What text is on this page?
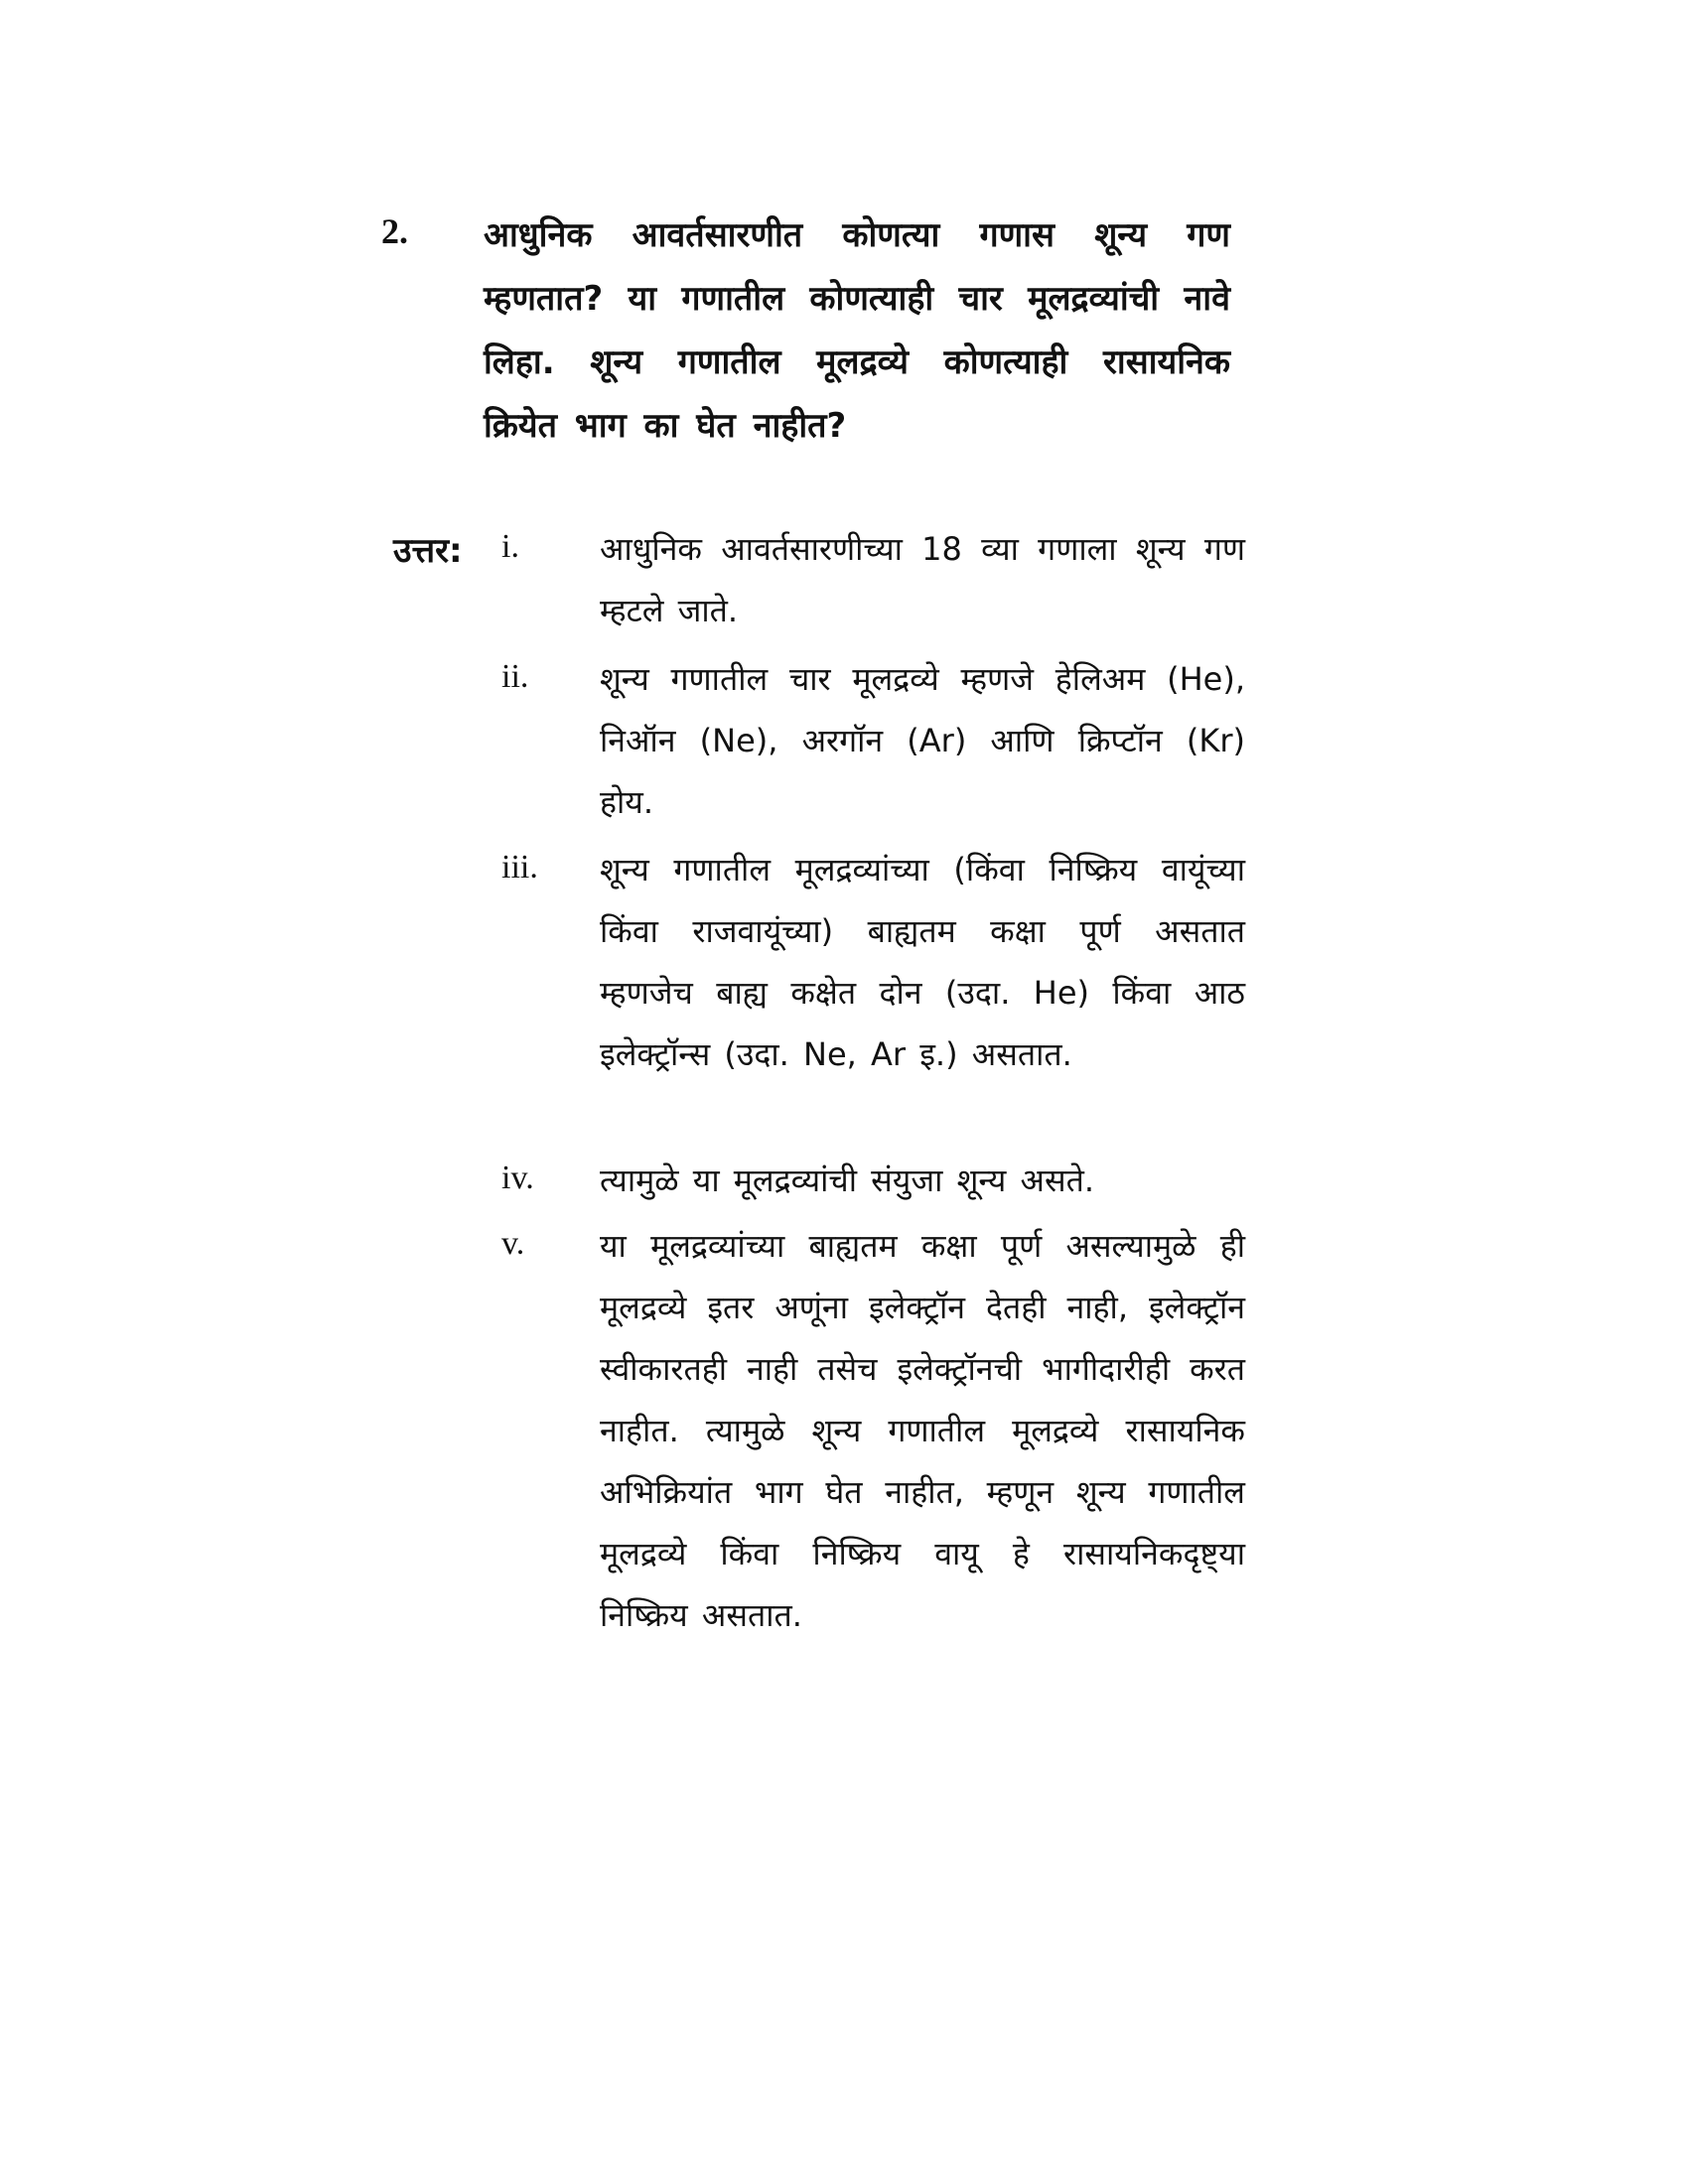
2. आधुनिक आवर्तसारणीत कोणत्या गणास शून्य गण म्हणतात? या गणातील कोणत्याही चार मूलद्रव्यांची नावे लिहा. शून्य गणातील मूलद्रव्ये कोणत्याही रासायनिक क्रियेत भाग का घेत नाहीत?
उत्तर: i.	आधुनिक आवर्तसारणीच्या 18 व्या गणाला शून्य गण म्हटले जाते.
ii. शून्य गणातील चार मूलद्रव्ये म्हणजे हेलिअम (He), निऑन (Ne), अरगॉन (Ar) आणि क्रिप्टॉन (Kr) होय.
iii. शून्य गणातील मूलद्रव्यांच्या (किंवा निष्क्रिय वायूंच्या किंवा राजवायूंच्या) बाह्यतम कक्षा पूर्ण असतात म्हणजेच बाह्य कक्षेत दोन (उदा. He) किंवा आठ इलेक्ट्रॉन्स (उदा. Ne, Ar इ.) असतात.
iv. त्यामुळे या मूलद्रव्यांची संयुजा शून्य असते.
v. या मूलद्रव्यांच्या बाह्यतम कक्षा पूर्ण असल्यामुळे ही मूलद्रव्ये इतर अणूंना इलेक्ट्रॉन देतही नाही, इलेक्ट्रॉन स्वीकारतही नाही तसेच इलेक्ट्रॉनची भागीदारीही करत नाहीत. त्यामुळे शून्य गणातील मूलद्रव्ये रासायनिक अभिक्रियांत भाग घेत नाहीत, म्हणून शून्य गणातील मूलद्रव्ये किंवा निष्क्रिय वायू हे रासायनिकदृष्ट्या निष्क्रिय असतात.
